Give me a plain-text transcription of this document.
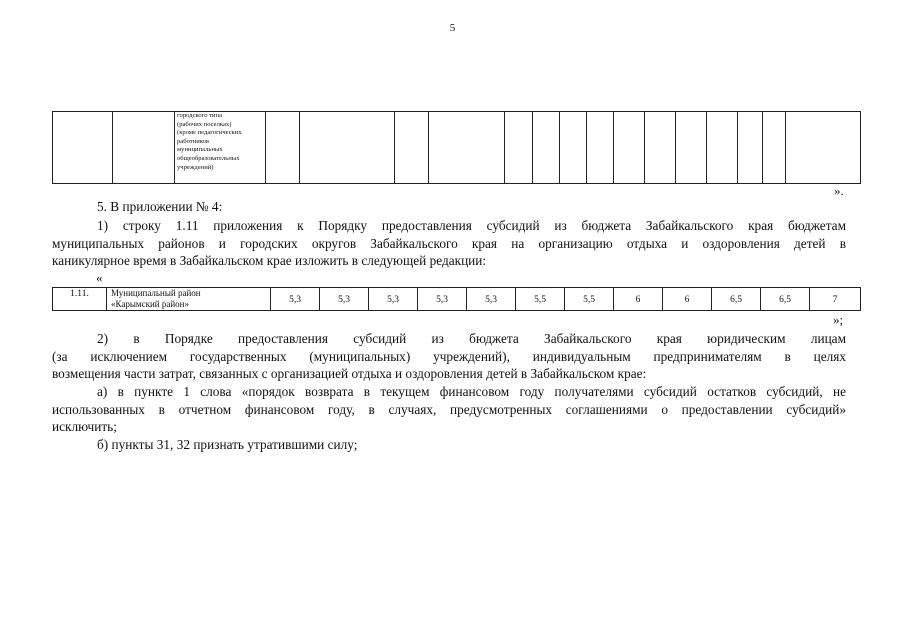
5
		городского типа
(рабочих поселках)
(кроме педагогических
работников
муниципальных
общеобразовательных
учреждений)															
».
5. В приложении № 4:
1) строку 1.11 приложения к Порядку предоставления субсидий из бюджета Забайкальского края бюджетам
муниципальных районов и городских округов Забайкальского края на организацию отдыха и оздоровления детей в
каникулярное время в Забайкальском крае изложить в следующей редакции:
«
1.11.	Муниципальный район
«Карымский район»	5,3	5,3	5,3	5,3	5,3	5,5	5,5	6	6	6,5	6,5	7
»;
2) в Порядке предоставления субсидий из бюджета Забайкальского края юридическим лицам
(за исключением государственных (муниципальных) учреждений), индивидуальным предпринимателям в целях
возмещения части затрат, связанных с организацией отдыха и оздоровления детей в Забайкальском крае:
а) в пункте 1 слова «порядок возврата в текущем финансовом году получателями субсидий остатков субсидий, не
использованных в отчетном финансовом году, в случаях, предусмотренных соглашениями о предоставлении субсидий»
исключить;
б) пункты 31, 32 признать утратившими силу;
